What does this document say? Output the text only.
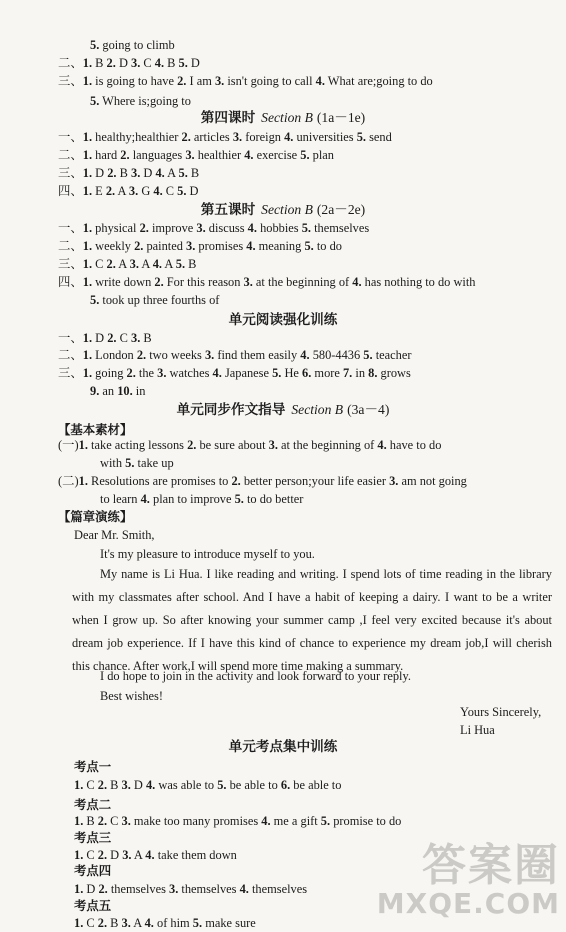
5. going to climb
二、1. B 2. D 3. C 4. B 5. D
三、1. is going to have 2. I am 3. isn't going to call 4. What are;going to do
5. Where is;going to
一、1. healthy;healthier 2. articles 3. foreign 4. universities 5. send
二、1. hard 2. languages 3. healthier 4. exercise 5. plan
三、1. D 2. B 3. D 4. A 5. B
四、1. E 2. A 3. G 4. C 5. D
一、1. physical 2. improve 3. discuss 4. hobbies 5. themselves
二、1. weekly 2. painted 3. promises 4. meaning 5. to do
三、1. C 2. A 3. A 4. A 5. B
四、1. write down 2. For this reason 3. at the beginning of 4. has nothing to do with
5. took up three fourths of
一、1. D 2. C 3. B
二、1. London 2. two weeks 3. find them easily 4. 580-4436 5. teacher
三、1. going 2. the 3. watches 4. Japanese 5. He 6. more 7. in 8. grows
9. an 10. in
(一)1. take acting lessons 2. be sure about 3. at the beginning of 4. have to do
with 5. take up
(二)1. Resolutions are promises to 2. better person;your life easier 3. am not going
to learn 4. plan to improve 5. to do better
1. C 2. B 3. D 4. was able to 5. be able to 6. be able to
1. B 2. C 3. make too many promises 4. me a gift 5. promise to do
1. C 2. D 3. A 4. take them down
1. D 2. themselves 3. themselves 4. themselves
1. C 2. B 3. A 4. of him 5. make sure
第四课时 Section B (1a－1e)
第五课时 Section B (2a－2e)
单元阅读强化训练
单元同步作文指导 Section B (3a－4)
单元考点集中训练
【基本素材】
【篇章演练】
考点一
考点二
考点三
考点四
考点五
Dear Mr. Smith,
It's my pleasure to introduce myself to you.
My name is Li Hua. I like reading and writing. I spend lots of time reading in the library with my classmates after school. And I have a habit of keeping a dairy. I want to be a writer when I grow up. So after knowing your summer camp ,I feel very excited because it's about dream job experience. If I have this kind of chance to experience my dream job,I will cherish this chance. After work,I will spend more time making a summary.
I do hope to join in the activity and look forward to your reply.
Best wishes!
Yours Sincerely,
Li Hua
答案圈
MXQE.COM
